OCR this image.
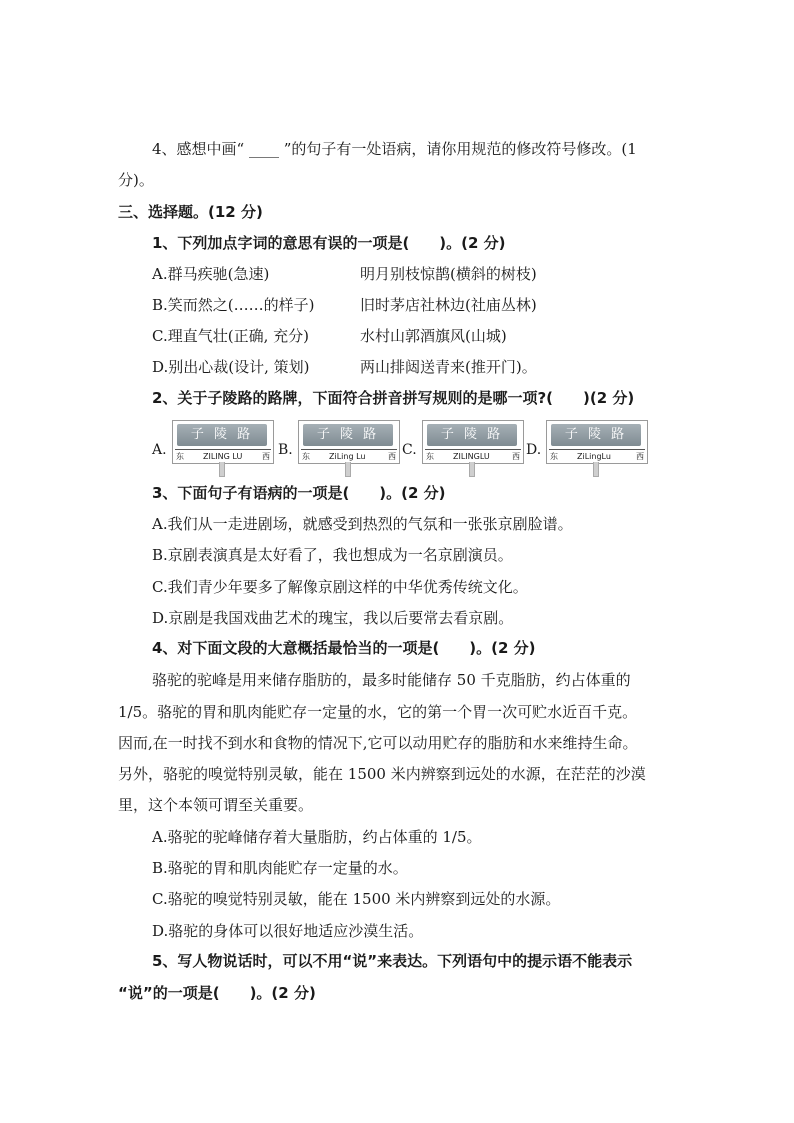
4、感想中画“ ____ ”的句子有一处语病，请你用规范的修改符号修改。(1
分)。
三、选择题。(12 分)
1、下列加点字词的意思有误的一项是(　　)。(2 分)
A.群马疾驰(急速)	明月别枝惊鹊(横斜的树枝)
B.笑而然之(……的样子)	旧时茅店社林边(社庙丛林)
C.理直气壮(正确, 充分)	水村山郭酒旗风(山城)
D.别出心裁(设计, 策划)	两山排闼送青来(推开门)。
2、关于子陵路的路牌，下面符合拼音拼写规则的是哪一项?(　　)(2 分)
A.
子 陵 路
东 ZILING LU 西 B.
子 陵 路
东 ZiLing Lu	西 C.
子 陵 路
东 ZILINGLU	西 D.
子 陵 路
东 ZiLingLu	西
3、下面句子有语病的一项是(　　)。(2 分)
A.我们从一走进剧场，就感受到热烈的气氛和一张张京剧脸谱。
B.京剧表演真是太好看了，我也想成为一名京剧演员。
C.我们青少年要多了解像京剧这样的中华优秀传统文化。
D.京剧是我国戏曲艺术的瑰宝，我以后要常去看京剧。
4、对下面文段的大意概括最恰当的一项是(　　)。(2 分)
骆驼的驼峰是用来储存脂肪的，最多时能储存 50 千克脂肪，约占体重的
1/5。骆驼的胃和肌肉能贮存一定量的水，它的第一个胃一次可贮水近百千克。
因而,在一时找不到水和食物的情况下,它可以动用贮存的脂肪和水来维持生命。
另外，骆驼的嗅觉特别灵敏，能在 1500 米内辨察到远处的水源，在茫茫的沙漠
里，这个本领可谓至关重要。
A.骆驼的驼峰储存着大量脂肪，约占体重的 1/5。
B.骆驼的胃和肌肉能贮存一定量的水。
C.骆驼的嗅觉特别灵敏，能在 1500 米内辨察到远处的水源。
D.骆驼的身体可以很好地适应沙漠生活。
5、写人物说话时，可以不用“说”来表达。下列语句中的提示语不能表示
“说”的一项是(　　)。(2 分)
